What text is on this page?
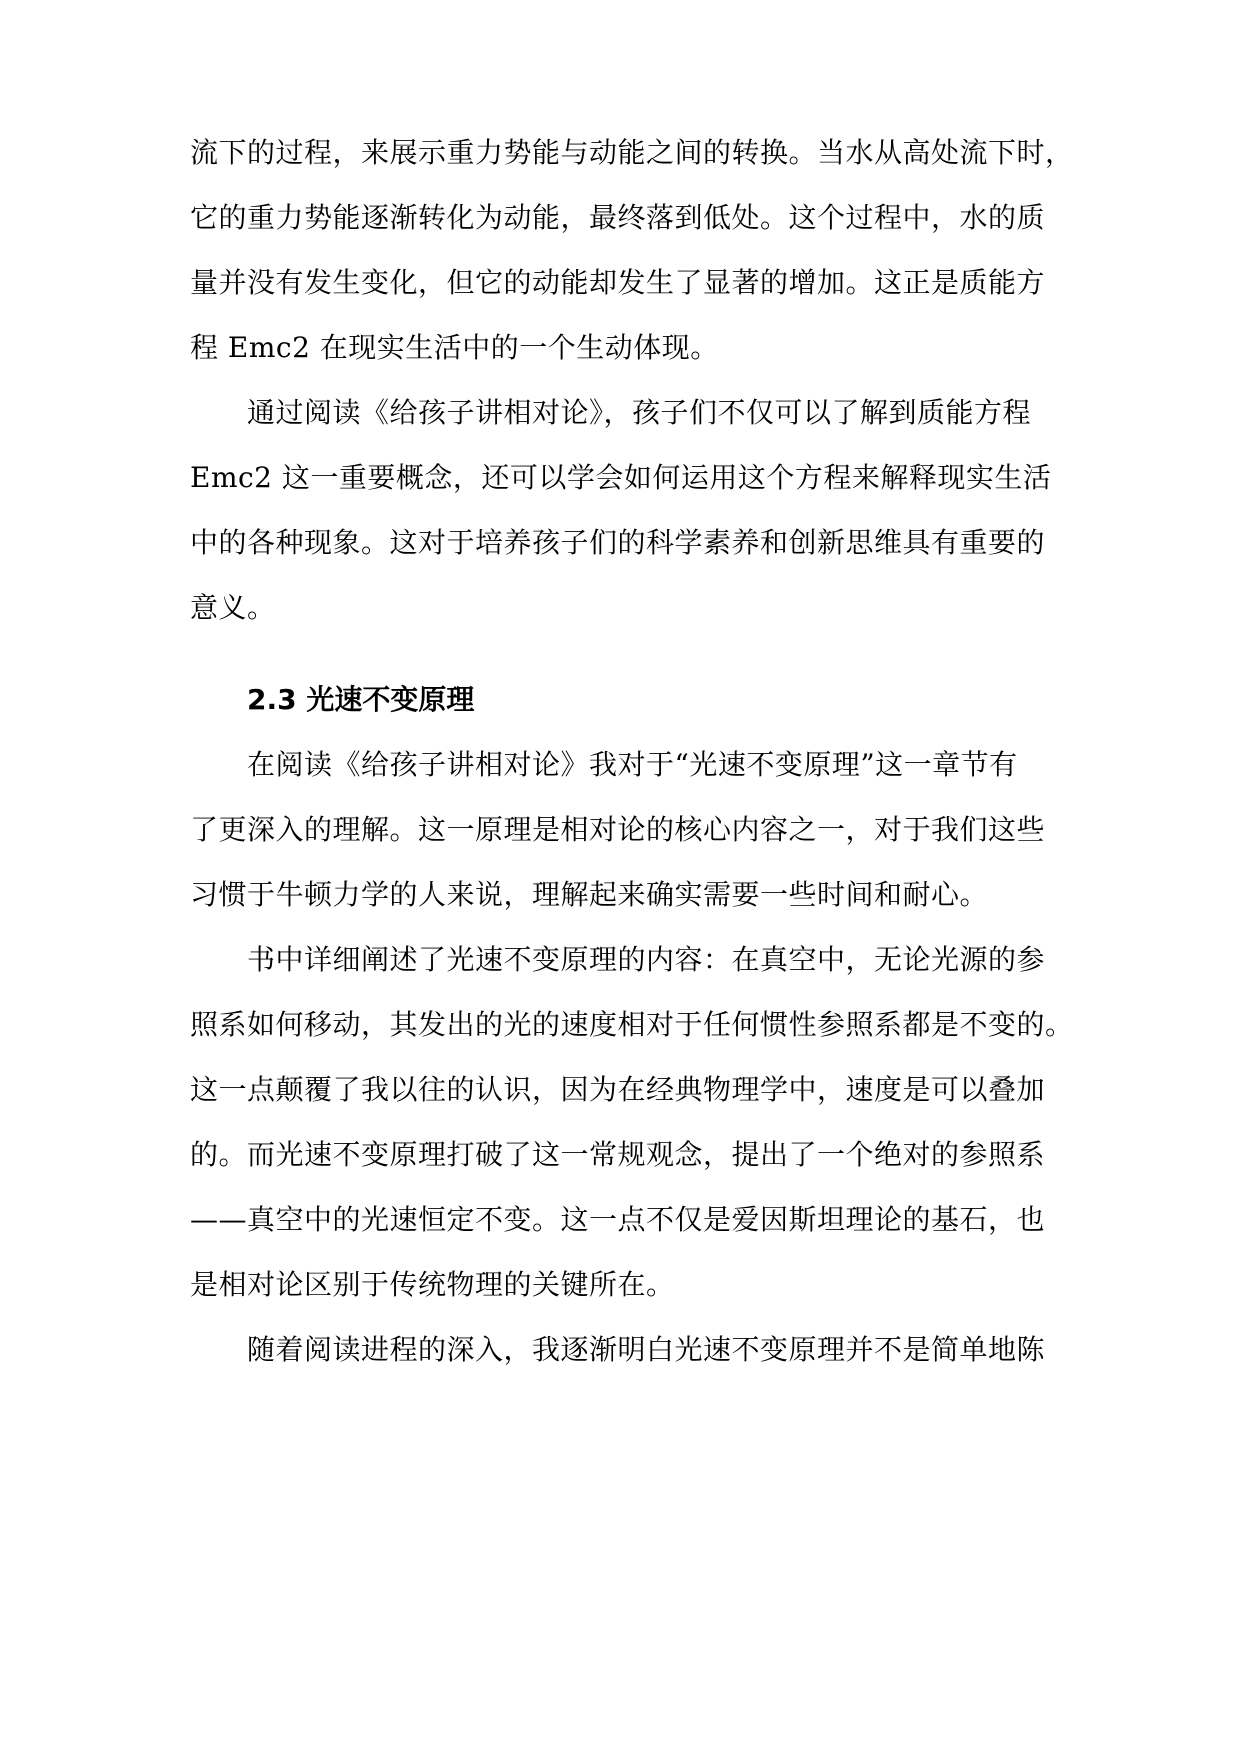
流下的过程，来展示重力势能与动能之间的转换。当水从高处流下时，
它的重力势能逐渐转化为动能，最终落到低处。这个过程中，水的质
量并没有发生变化，但它的动能却发生了显著的增加。这正是质能方
程 Emc2 在现实生活中的一个生动体现。
通过阅读《给孩子讲相对论》，孩子们不仅可以了解到质能方程
Emc2 这一重要概念，还可以学会如何运用这个方程来解释现实生活
中的各种现象。这对于培养孩子们的科学素养和创新思维具有重要的
意义。
2.3 光速不变原理
在阅读《给孩子讲相对论》我对于“光速不变原理”这一章节有
了更深入的理解。这一原理是相对论的核心内容之一，对于我们这些
习惯于牛顿力学的人来说，理解起来确实需要一些时间和耐心。
书中详细阐述了光速不变原理的内容：在真空中，无论光源的参
照系如何移动，其发出的光的速度相对于任何惯性参照系都是不变的。
这一点颠覆了我以往的认识，因为在经典物理学中，速度是可以叠加
的。而光速不变原理打破了这一常规观念，提出了一个绝对的参照系
——真空中的光速恒定不变。这一点不仅是爱因斯坦理论的基石，也
是相对论区别于传统物理的关键所在。
随着阅读进程的深入，我逐渐明白光速不变原理并不是简单地陈
